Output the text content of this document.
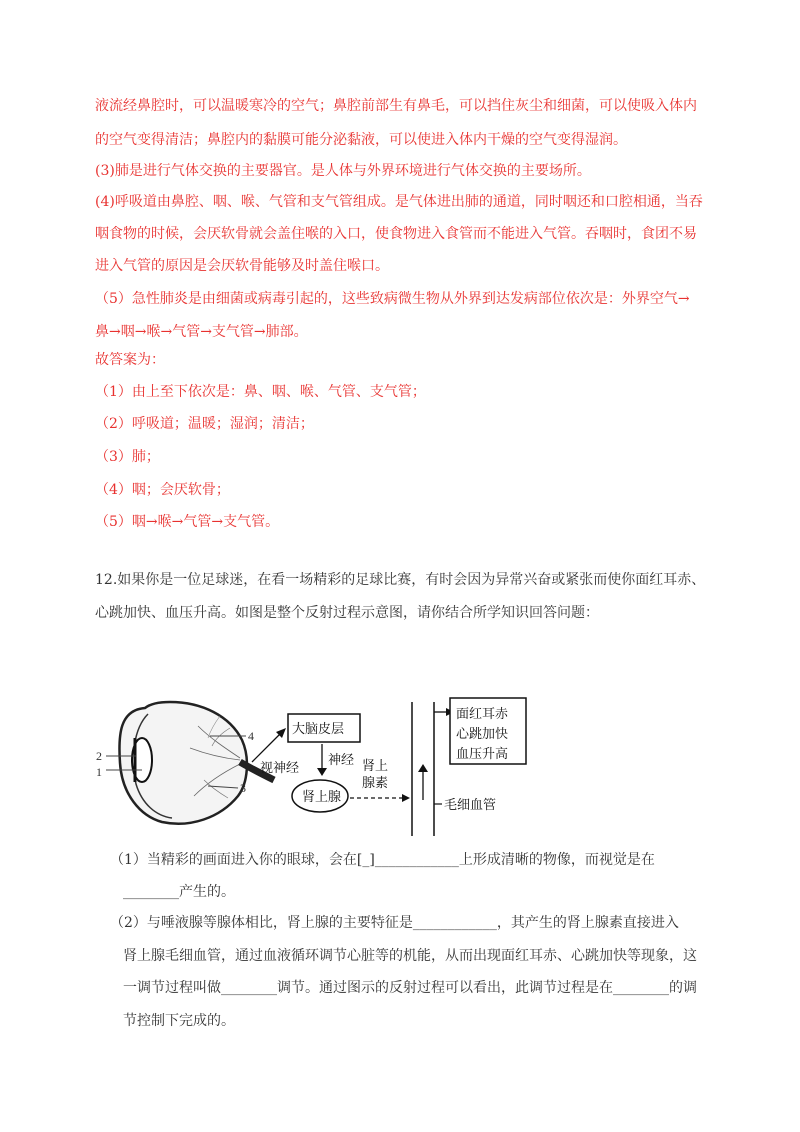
液流经鼻腔时，可以温暖寒冷的空气；鼻腔前部生有鼻毛，可以挡住灰尘和细菌，可以使吸入体内
的空气变得清洁；鼻腔内的黏膜可能分泌黏液，可以使进入体内干燥的空气变得湿润。
(3)肺是进行气体交换的主要器官。是人体与外界环境进行气体交换的主要场所。
(4)呼吸道由鼻腔、咽、喉、气管和支气管组成。是气体进出肺的通道，同时咽还和口腔相通，当吞
咽食物的时候，会厌软骨就会盖住喉的入口，使食物进入食管而不能进入气管。吞咽时，食团不易
进入气管的原因是会厌软骨能够及时盖住喉口。
（5）急性肺炎是由细菌或病毒引起的，这些致病微生物从外界到达发病部位依次是：外界空气→
鼻→咽→喉→气管→支气管→肺部。
故答案为：
（1）由上至下依次是：鼻、咽、喉、气管、支气管；
（2）呼吸道；温暖；湿润；清洁；
（3）肺；
（4）咽；会厌软骨；
（5）咽→喉→气管→支气管。
12.如果你是一位足球迷，在看一场精彩的足球比赛，有时会因为异常兴奋或紧张而使你面红耳赤、
心跳加快、血压升高。如图是整个反射过程示意图，请你结合所学知识回答问题：
2
1
4
3
大脑皮层
视神经
神经
肾上腺
肾上
腺素
面红耳赤
心跳加快
血压升高
毛细血管
（1）当精彩的画面进入你的眼球，会在[_]____________上形成清晰的物像，而视觉是在
________产生的。
（2）与唾液腺等腺体相比，肾上腺的主要特征是____________，其产生的肾上腺素直接进入
肾上腺毛细血管，通过血液循环调节心脏等的机能，从而出现面红耳赤、心跳加快等现象，这
一调节过程叫做________调节。通过图示的反射过程可以看出，此调节过程是在________的调
节控制下完成的。
